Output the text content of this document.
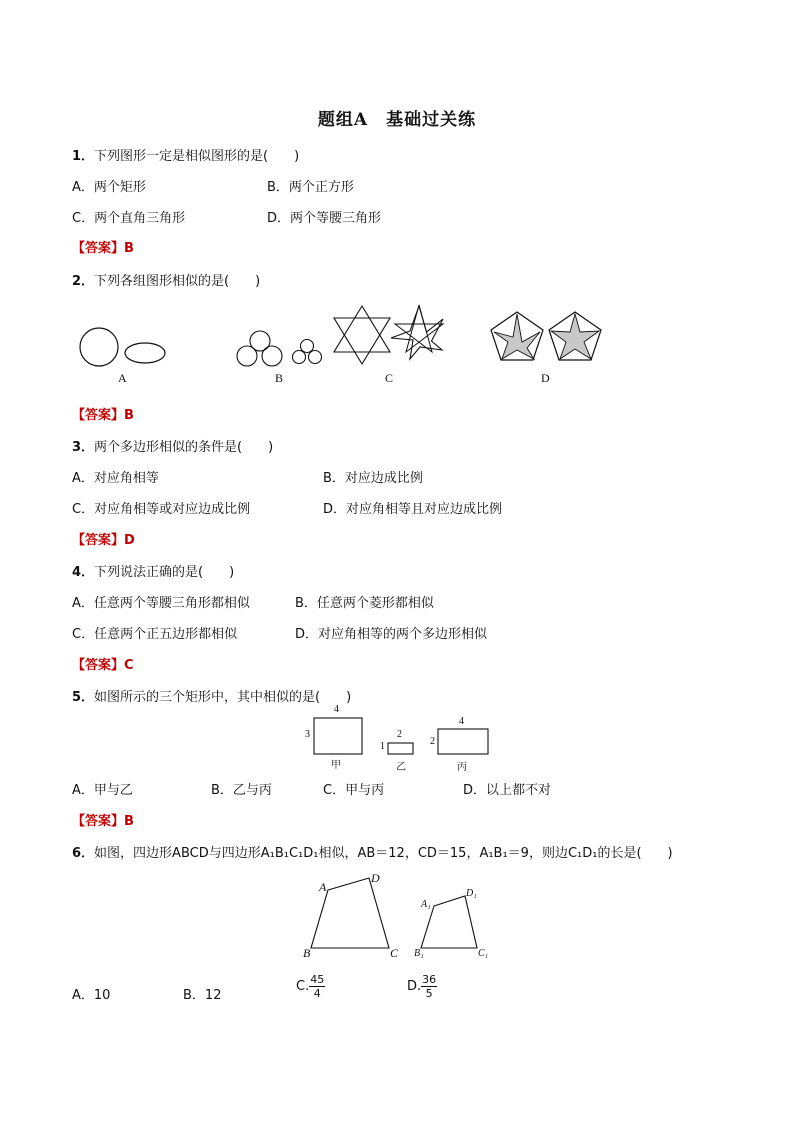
题组A　基础过关练
1．下列图形一定是相似图形的是(　　)
A．两个矩形	B．两个正方形
C．两个直角三角形	D．两个等腰三角形
【答案】B
2．下列各组图形相似的是(　　)
A	B	C	D
【答案】B
3．两个多边形相似的条件是(　　)
A．对应角相等	B．对应边成比例
C．对应角相等或对应边成比例	D．对应角相等且对应边成比例
【答案】D
4．下列说法正确的是(　　)
A．任意两个等腰三角形都相似	B．任意两个菱形都相似
C．任意两个正五边形都相似	D．对应角相等的两个多边形相似
【答案】C
5．如图所示的三个矩形中，其中相似的是(　　)
4
3
甲
2
1
乙
4
2
丙
A．甲与乙	B．乙与丙	C．甲与丙	D．以上都不对
【答案】B
6．如图，四边形ABCD与四边形A₁B₁C₁D₁相似，AB＝12，CD＝15，A₁B₁＝9，则边C₁D₁的长是(　　)
A
B	C
D
A₁
B₁	C₁
D₁
A．10	B．12
C. $\frac{45}{4}$	D. $\frac{36}{5}$
